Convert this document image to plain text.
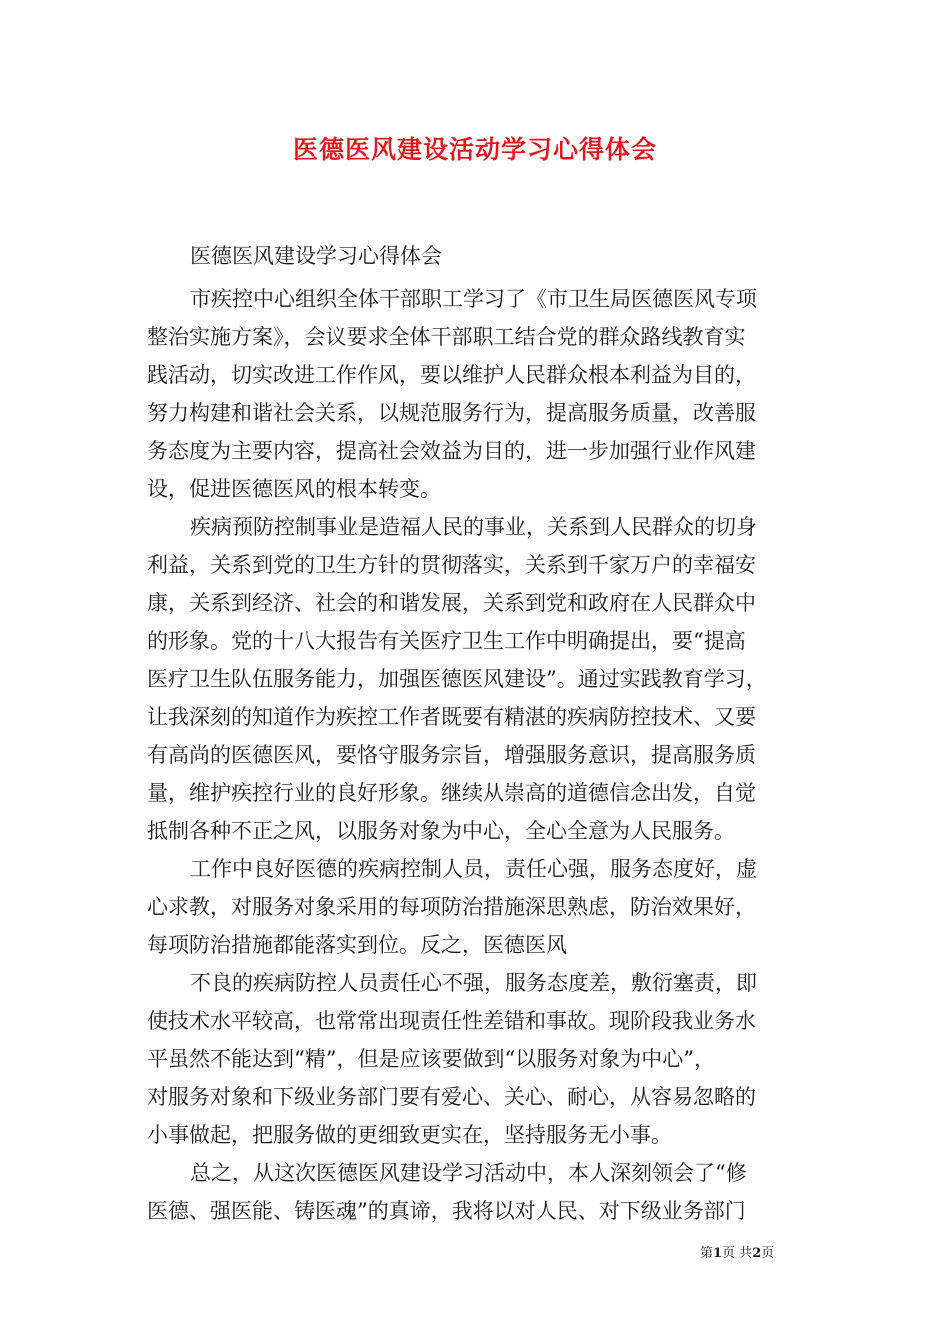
医德医风建设活动学习心得体会

医德医风建设学习心得体会

市疾控中心组织全体干部职工学习了《市卫生局医德医风专项

整治实施方案》，会议要求全体干部职工结合党的群众路线教育实

践活动，切实改进工作作风，要以维护人民群众根本利益为目的，

努力构建和谐社会关系，以规范服务行为，提高服务质量，改善服

务态度为主要内容，提高社会效益为目的，进一步加强行业作风建

设，促进医德医风的根本转变。

疾病预防控制事业是造福人民的事业，关系到人民群众的切身

利益，关系到党的卫生方针的贯彻落实，关系到千家万户的幸福安

康，关系到经济、社会的和谐发展，关系到党和政府在人民群众中

的形象。党的十八大报告有关医疗卫生工作中明确提出，要“提高

医疗卫生队伍服务能力，加强医德医风建设”。通过实践教育学习，

让我深刻的知道作为疾控工作者既要有精湛的疾病防控技术、又要

有高尚的医德医风，要恪守服务宗旨，增强服务意识，提高服务质

量，维护疾控行业的良好形象。继续从崇高的道德信念出发，自觉

抵制各种不正之风，以服务对象为中心，全心全意为人民服务。

工作中良好医德的疾病控制人员，责任心强，服务态度好，虚

心求教，对服务对象采用的每项防治措施深思熟虑，防治效果好，

每项防治措施都能落实到位。反之，医德医风

不良的疾病防控人员责任心不强，服务态度差，敷衍塞责，即

使技术水平较高，也常常出现责任性差错和事故。现阶段我业务水

平虽然不能达到“精”，但是应该要做到“以服务对象为中心”，

对服务对象和下级业务部门要有爱心、关心、耐心，从容易忽略的

小事做起，把服务做的更细致更实在，坚持服务无小事。

总之，从这次医德医风建设学习活动中，本人深刻领会了“修

医德、强医能、铸医魂”的真谛，我将以对人民、对下级业务部门

第1页 共2页
